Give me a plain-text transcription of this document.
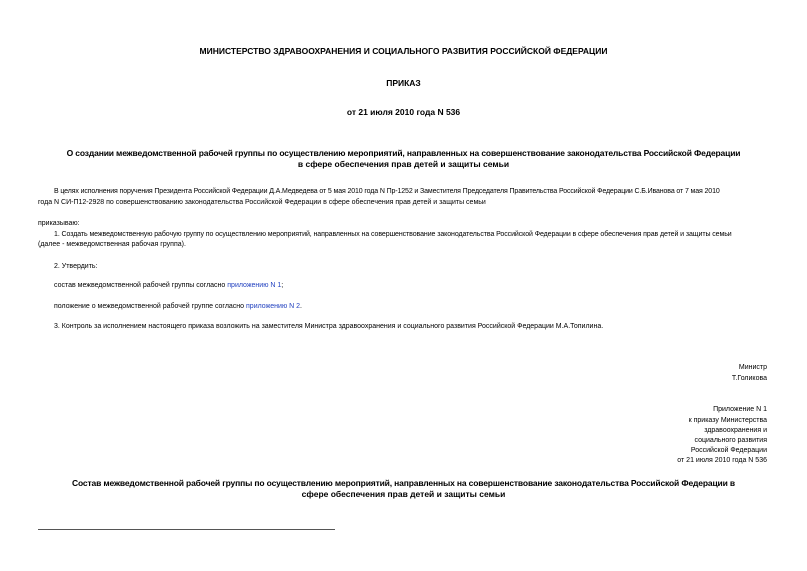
МИНИСТЕРСТВО ЗДРАВООХРАНЕНИЯ И СОЦИАЛЬНОГО РАЗВИТИЯ РОССИЙСКОЙ ФЕДЕРАЦИИ
ПРИКАЗ
от 21 июля 2010 года N 536
О создании межведомственной рабочей группы по осуществлению мероприятий, направленных на совершенствование законодательства Российской Федерации
в сфере обеспечения прав детей и защиты семьи
В целях исполнения поручения Президента Российской Федерации Д.А.Медведева от 5 мая 2010 года N Пр-1252 и Заместителя Председателя Правительства Российской Федерации С.Б.Иванова от 7 мая 2010
года N СИ-П12-2928 по совершенствованию законодательства Российской Федерации в сфере обеспечения прав детей и защиты семьи
приказываю:
1. Создать межведомственную рабочую группу по осуществлению мероприятий, направленных на совершенствование законодательства Российской Федерации в сфере обеспечения прав детей и защиты семьи
(далее - межведомственная рабочая группа).
2. Утвердить:
состав межведомственной рабочей группы согласно приложению N 1;
положение о межведомственной рабочей группе согласно приложению N 2.
3. Контроль за исполнением настоящего приказа возложить на заместителя Министра здравоохранения и социального развития Российской Федерации М.А.Топилина.
Министр
Т.Голикова
Приложение N 1
к приказу Министерства
здравоохранения и
социального развития
Российской Федерации
от 21 июля 2010 года N 536
Состав межведомственной рабочей группы по осуществлению мероприятий, направленных на совершенствование законодательства Российской Федерации в
сфере обеспечения прав детей и защиты семьи
